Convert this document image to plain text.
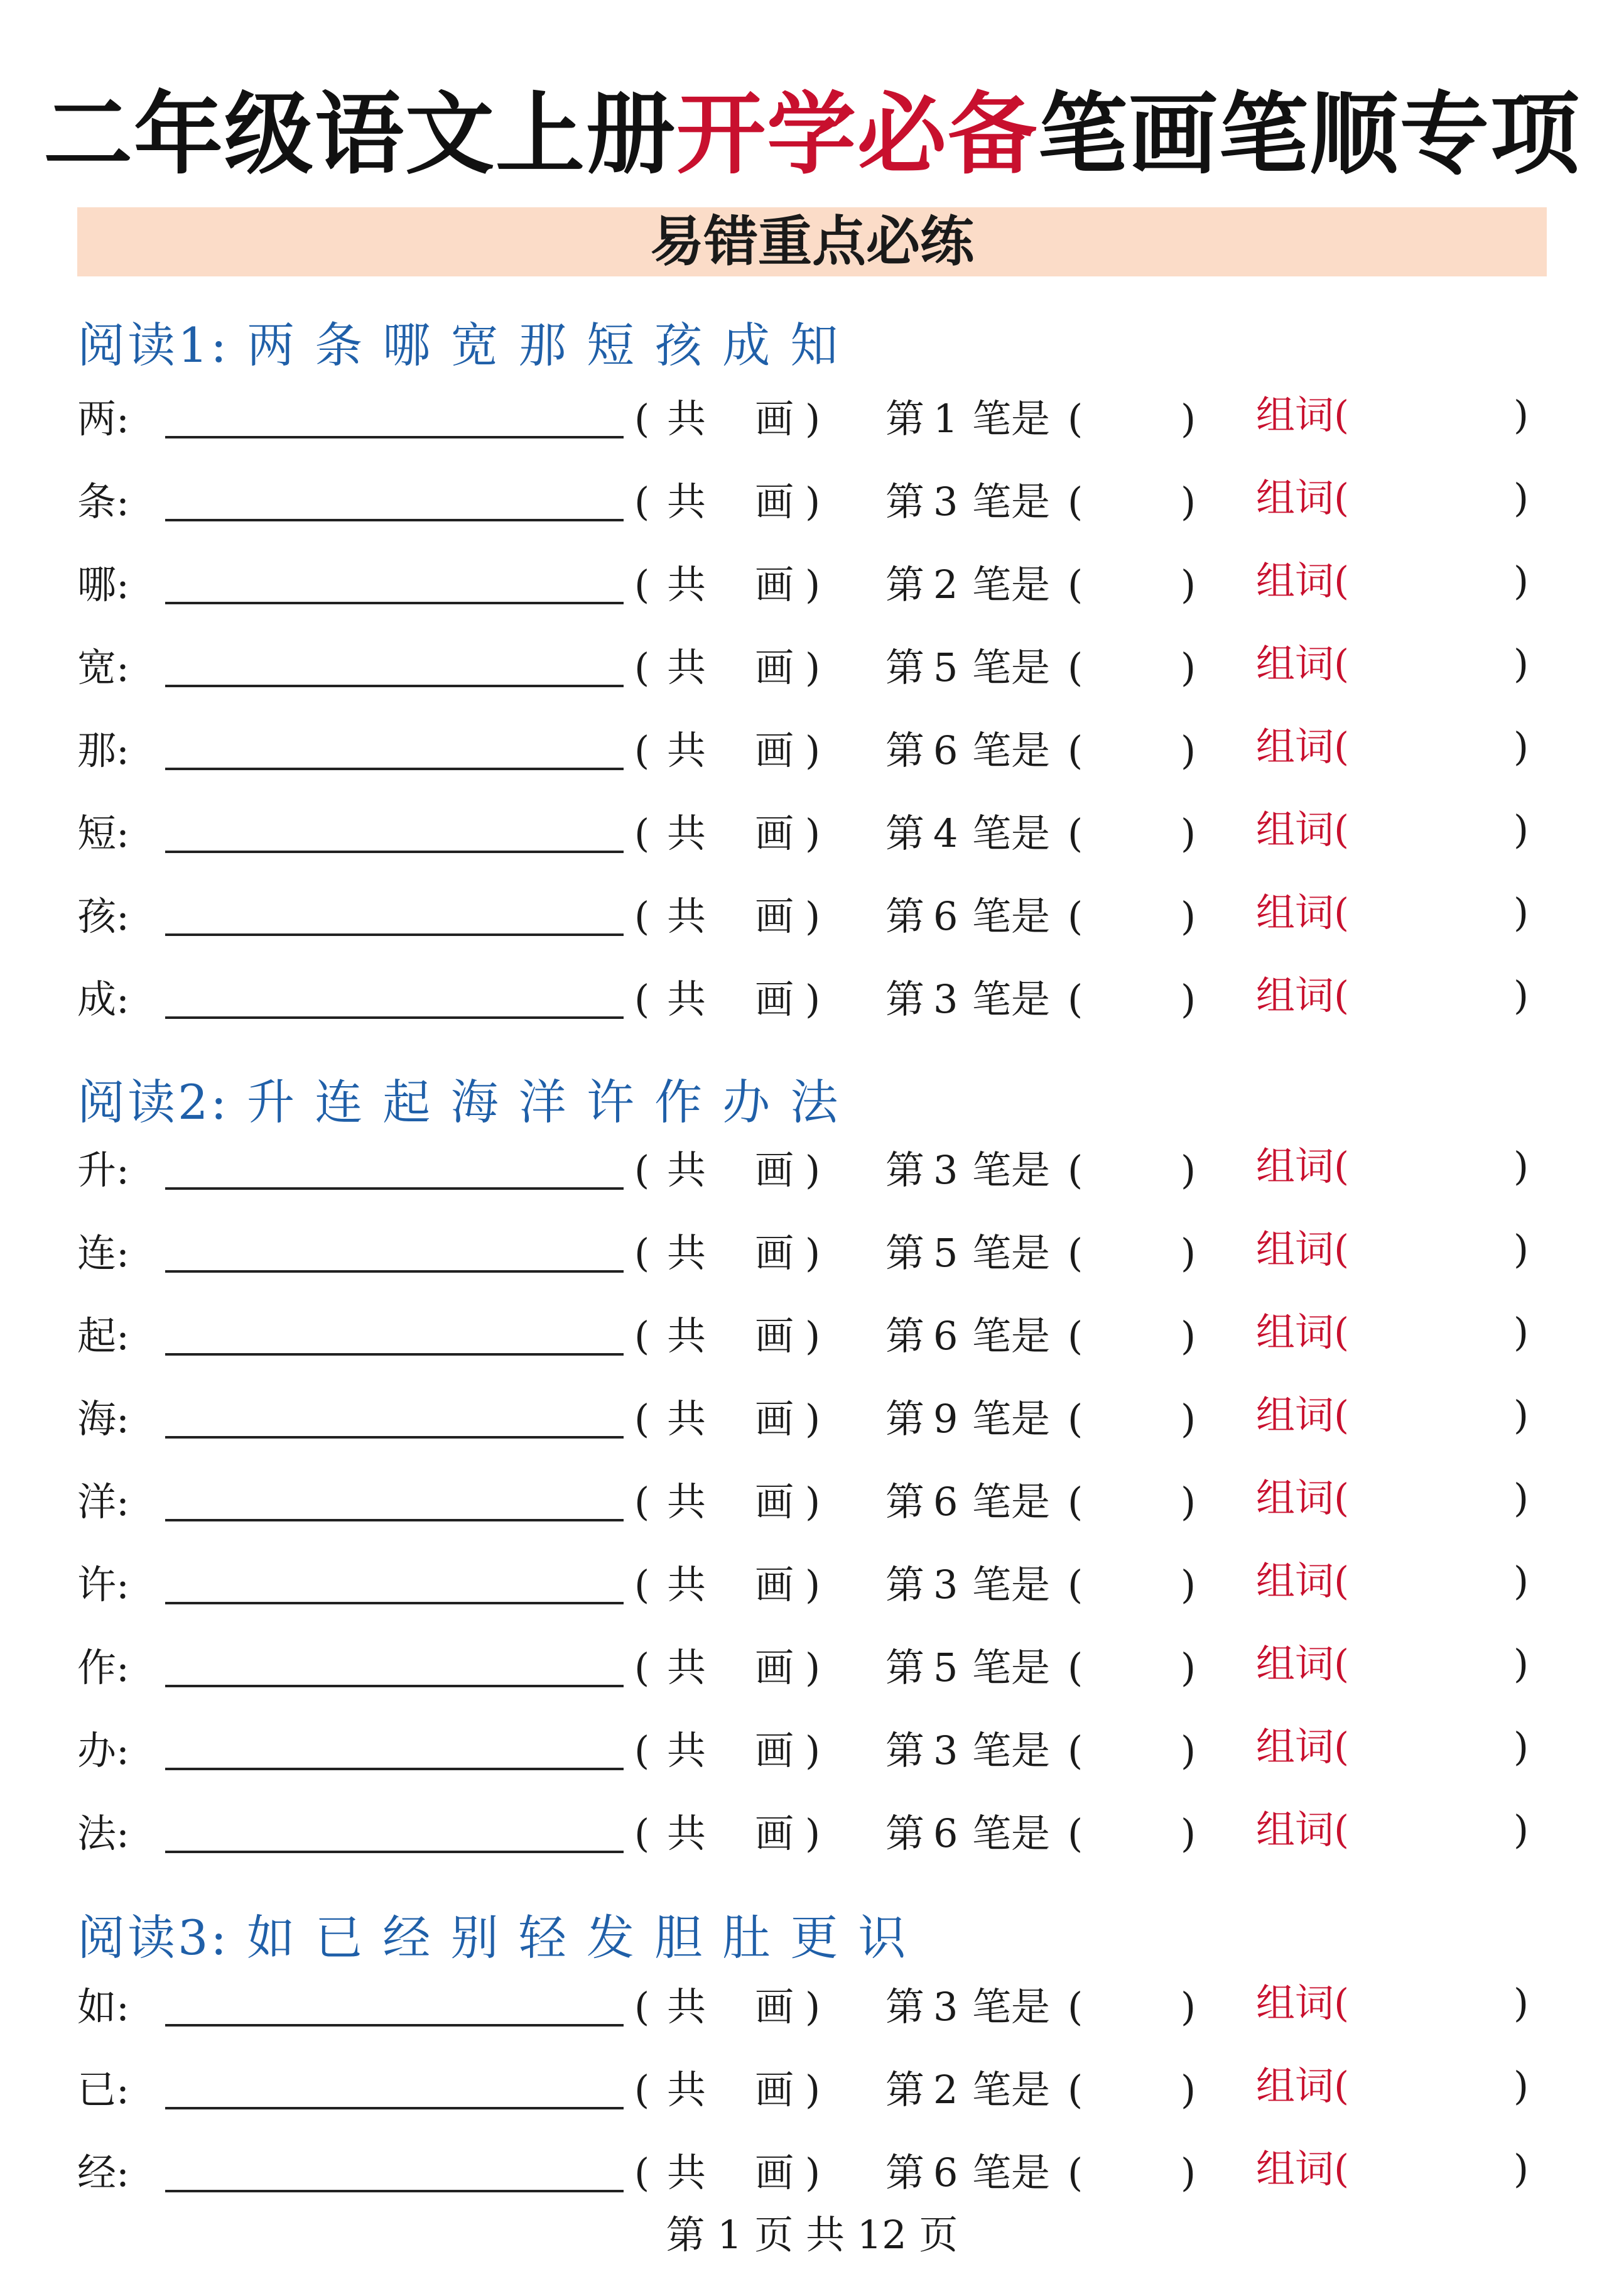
二年级语文上册开学必备笔画笔顺专项
易错重点必练
阅读1: 两 条 哪 宽 那 短 孩 成 知
两:	( 共 画 ) 第 1 笔是 (	) 组词(	)
条:	( 共 画 ) 第 3 笔是 (	) 组词(	)
哪:	( 共 画 ) 第 2 笔是 (	) 组词(	)
宽:	( 共 画 ) 第 5 笔是 (	) 组词(	)
那:	( 共 画 ) 第 6 笔是 (	) 组词(	)
短:	( 共 画 ) 第 4 笔是 (	) 组词(	)
孩:	( 共 画 ) 第 6 笔是 (	) 组词(	)
成:	( 共 画 ) 第 3 笔是 (	) 组词(	)
阅读2: 升 连 起 海 洋 许 作 办 法
升:	( 共 画 ) 第 3 笔是 (	) 组词(	)
连:	( 共 画 ) 第 5 笔是 (	) 组词(	)
起:	( 共 画 ) 第 6 笔是 (	) 组词(	)
海:	( 共 画 ) 第 9 笔是 (	) 组词(	)
洋:	( 共 画 ) 第 6 笔是 (	) 组词(	)
许:	( 共 画 ) 第 3 笔是 (	) 组词(	)
作:	( 共 画 ) 第 5 笔是 (	) 组词(	)
办:	( 共 画 ) 第 3 笔是 (	) 组词(	)
法:	( 共 画 ) 第 6 笔是 (	) 组词(	)
阅读3: 如 已 经 别 轻 发 胆 肚 更 识
如:	( 共 画 ) 第 3 笔是 (	) 组词(	)
已:	( 共 画 ) 第 2 笔是 (	) 组词(	)
经:	( 共 画 ) 第 6 笔是 (	) 组词(	)
第 1 页 共 12 页
